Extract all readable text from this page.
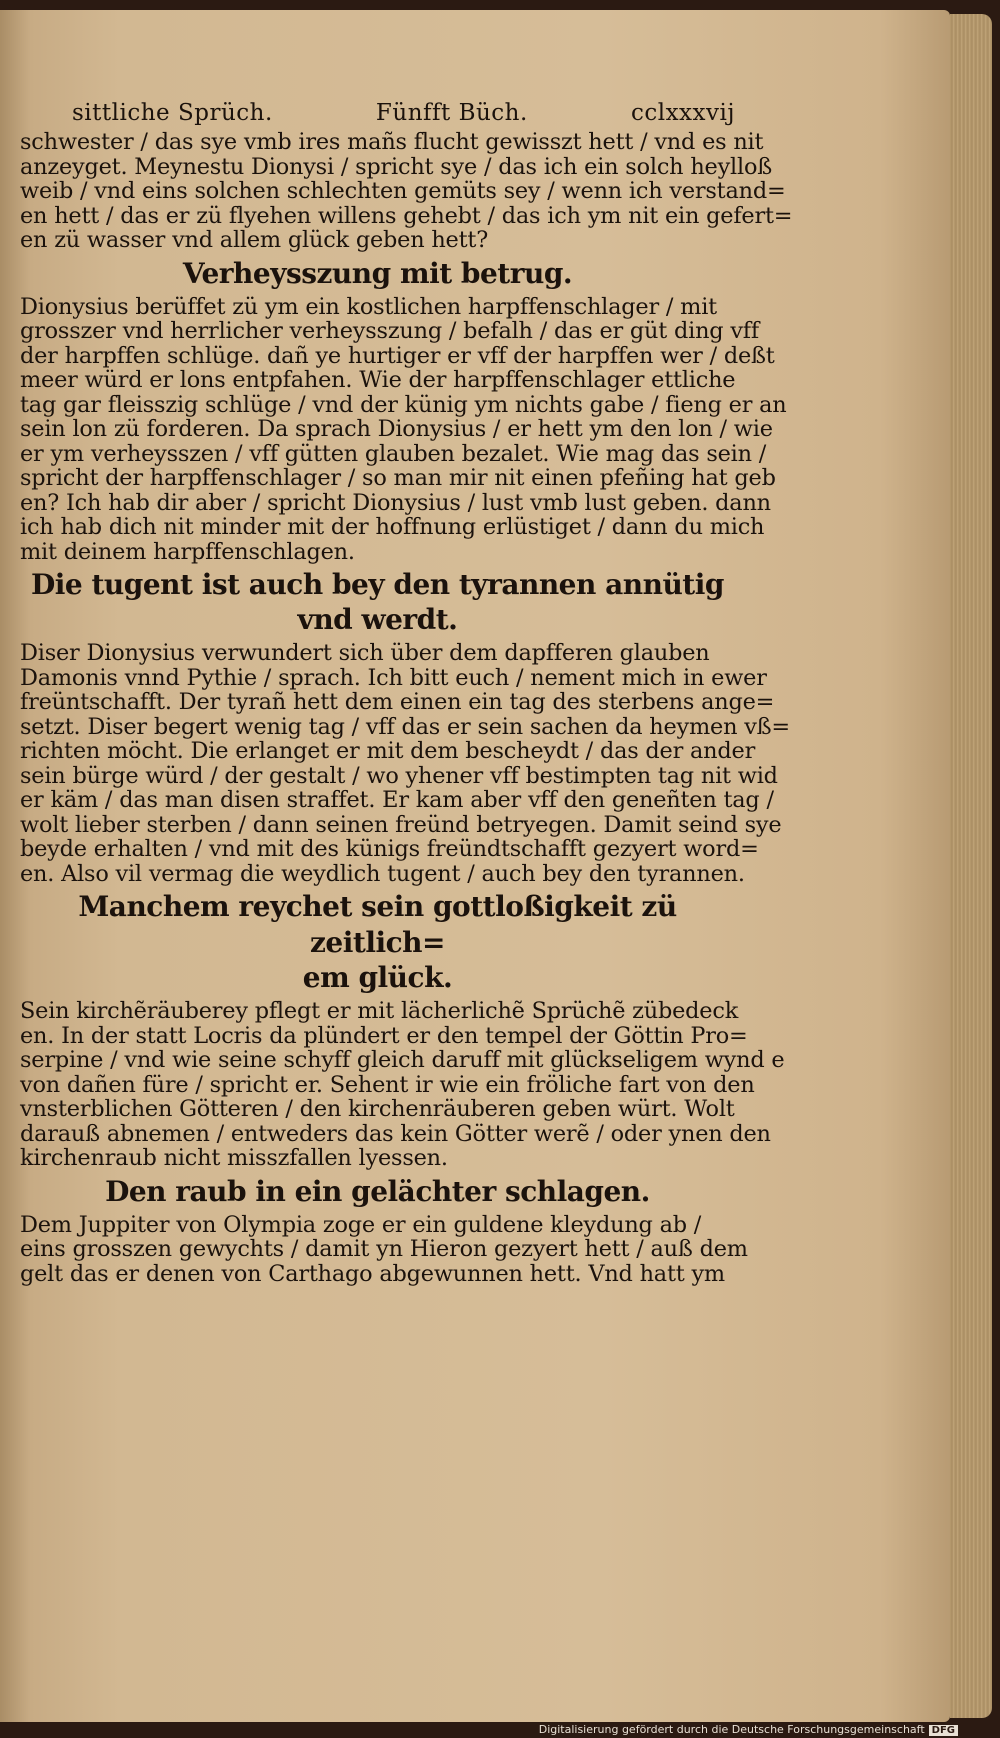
sittliche Sprüch.	Fünfft Büch.	cclxxxvij
schwester / das sye vmb ires mañs flucht gewisszt hett / vnd es nit
anzeyget. Meynestu Dionysi / spricht sye / das ich ein solch heylloß
weib / vnd eins solchen schlechten gemüts sey / wenn ich verstand=
en hett / das er zü flyehen willens gehebt / das ich ym nit ein gefert=
en zü wasser vnd allem glück geben hett?
Verheysszung mit betrug.
Dionysius berüffet zü ym ein kostlichen harpffenschlager / mit
grosszer vnd herrlicher verheysszung / befalh / das er güt ding vff
der harpffen schlüge. dañ ye hurtiger er vff der harpffen wer / deßt
meer würd er lons entpfahen. Wie der harpffenschlager ettliche
tag gar fleisszig schlüge / vnd der künig ym nichts gabe / fieng er an
sein lon zü forderen. Da sprach Dionysius / er hett ym den lon / wie
er ym verheysszen / vff gütten glauben bezalet. Wie mag das sein /
spricht der harpffenschlager / so man mir nit einen pfeñing hat geb
en? Ich hab dir aber / spricht Dionysius / lust vmb lust geben. dann
ich hab dich nit minder mit der hoffnung erlüstiget / dann du mich
mit deinem harpffenschlagen.
Die tugent ist auch bey den tyrannen annütig
vnd werdt.
Diser Dionysius verwundert sich über dem dapfferen glauben
Damonis vnnd Pythie / sprach. Ich bitt euch / nement mich in ewer
freüntschafft. Der tyrañ hett dem einen ein tag des sterbens ange=
setzt. Diser begert wenig tag / vff das er sein sachen da heymen vß=
richten möcht. Die erlanget er mit dem bescheydt / das der ander
sein bürge würd / der gestalt / wo yhener vff bestimpten tag nit wid
er käm / das man disen straffet. Er kam aber vff den geneñten tag /
wolt lieber sterben / dann seinen freünd betryegen. Damit seind sye
beyde erhalten / vnd mit des künigs freündtschafft gezyert word=
en. Also vil vermag die weydlich tugent / auch bey den tyrannen.
Manchem reychet sein gottloßigkeit zü zeitlich=
em glück.
Sein kirchẽräuberey pflegt er mit lächerlichẽ Sprüchẽ zübedeck
en. In der statt Locris da plündert er den tempel der Göttin Pro=
serpine / vnd wie seine schyff gleich daruff mit glückseligem wynd e
von dañen füre / spricht er. Sehent ir wie ein fröliche fart von den
vnsterblichen Götteren / den kirchenräuberen geben würt. Wolt
darauß abnemen / entweders das kein Götter werẽ / oder ynen den
kirchenraub nicht misszfallen lyessen.
Den raub in ein gelächter schlagen.
Dem Juppiter von Olympia zoge er ein guldene kleydung ab /
eins grosszen gewychts / damit yn Hieron gezyert hett / auß dem
gelt das er denen von Carthago abgewunnen hett. Vnd hatt ym
Digitalisierung gefördert durch die Deutsche Forschungsgemeinschaft DFG
